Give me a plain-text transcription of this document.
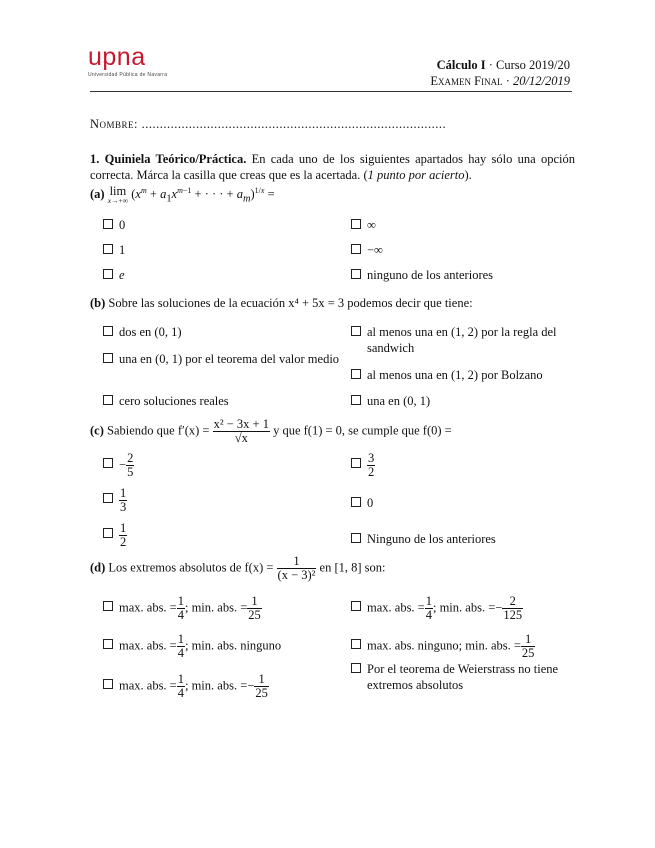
upna
Universidad Pública de Navarra
Cálculo I · Curso 2019/20
Examen Final · 20/12/2019
Nombre: ....................................................................................
1. Quiniela Teórico/Práctica. En cada uno de los siguientes apartados hay sólo una opción correcta. Márca la casilla que creas que es la acertada. (1 punto por acierto).
(a) lim
x→+∞ ($x^m + a_1x^{m-1}$ + · · · + $a_m)^{1/x}$ =
0	∞
1	−∞
e	ninguno de los anteriores
(b) Sobre las soluciones de la ecuación x⁴ + 5x = 3 podemos decir que tiene:
dos en (0, 1)	al menos una en (1, 2) por la regla del sandwich
una en (0, 1) por el teorema del valor medio
al menos una en (1, 2) por Bolzano
cero soluciones reales	una en (0, 1)
(c) Sabiendo que $f'(x) = \frac{\text{x² − 3x + 1}}{√x}$ y que f(1) = 0, se cumple que f(0) =
− $\frac{2}{5}$	$\frac{3}{2}$
$\frac{1}{3}$	0
$\frac{1}{2}$	Ninguno de los anteriores
(d) Los extremos absolutos de $f(x) = \frac{1}{\text{(x − 3)²}}$ en [1, 8] son:
max. abs. = $\frac{1}{4}$ ; min. abs. = $\frac{1}{25}$	max. abs. = $\frac{1}{4}$ ; min. abs. =− $\frac{2}{125}$
max. abs. = $\frac{1}{4}$ ; min. abs. ninguno	max. abs. ninguno; min. abs. = $\frac{1}{25}$
Por el teorema de Weierstrass no tiene extremos absolutos
max. abs. = $\frac{1}{4}$ ; min. abs. =− $\frac{1}{25}$
